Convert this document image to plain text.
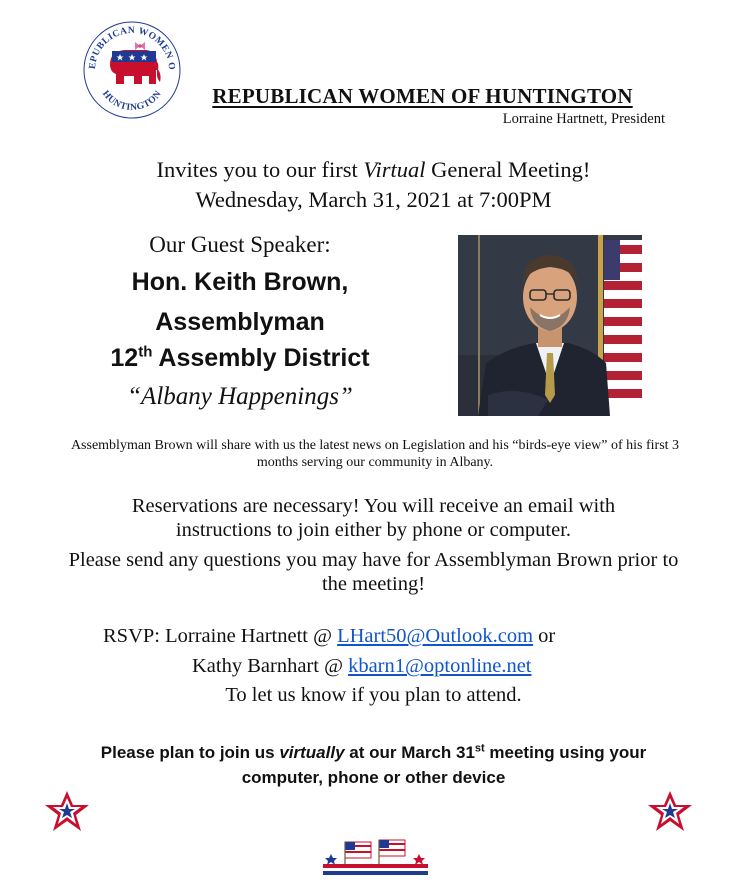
EPUBLICAN WOMEN O
HUNTINGTON	REPUBLICAN WOMEN OF HUNTINGTON
Lorraine Hartnett, President
Invites you to our first Virtual General Meeting!
Wednesday, March 31, 2021 at 7:00PM
Our Guest Speaker:
Hon. Keith Brown,
Assemblyman
12th Assembly District
“Albany Happenings”
Assemblyman Brown will share with us the latest news on Legislation and his “birds-eye view” of his first 3 months serving our community in Albany.
Reservations are necessary! You will receive an email with
instructions to join either by phone or computer.
Please send any questions you may have for Assemblyman Brown prior to
the meeting!
RSVP: Lorraine Hartnett @ LHart50@Outlook.com or
Kathy Barnhart @ kbarn1@optonline.net
To let us know if you plan to attend.
Please plan to join us virtually at our March 31st meeting using your
computer, phone or other device
